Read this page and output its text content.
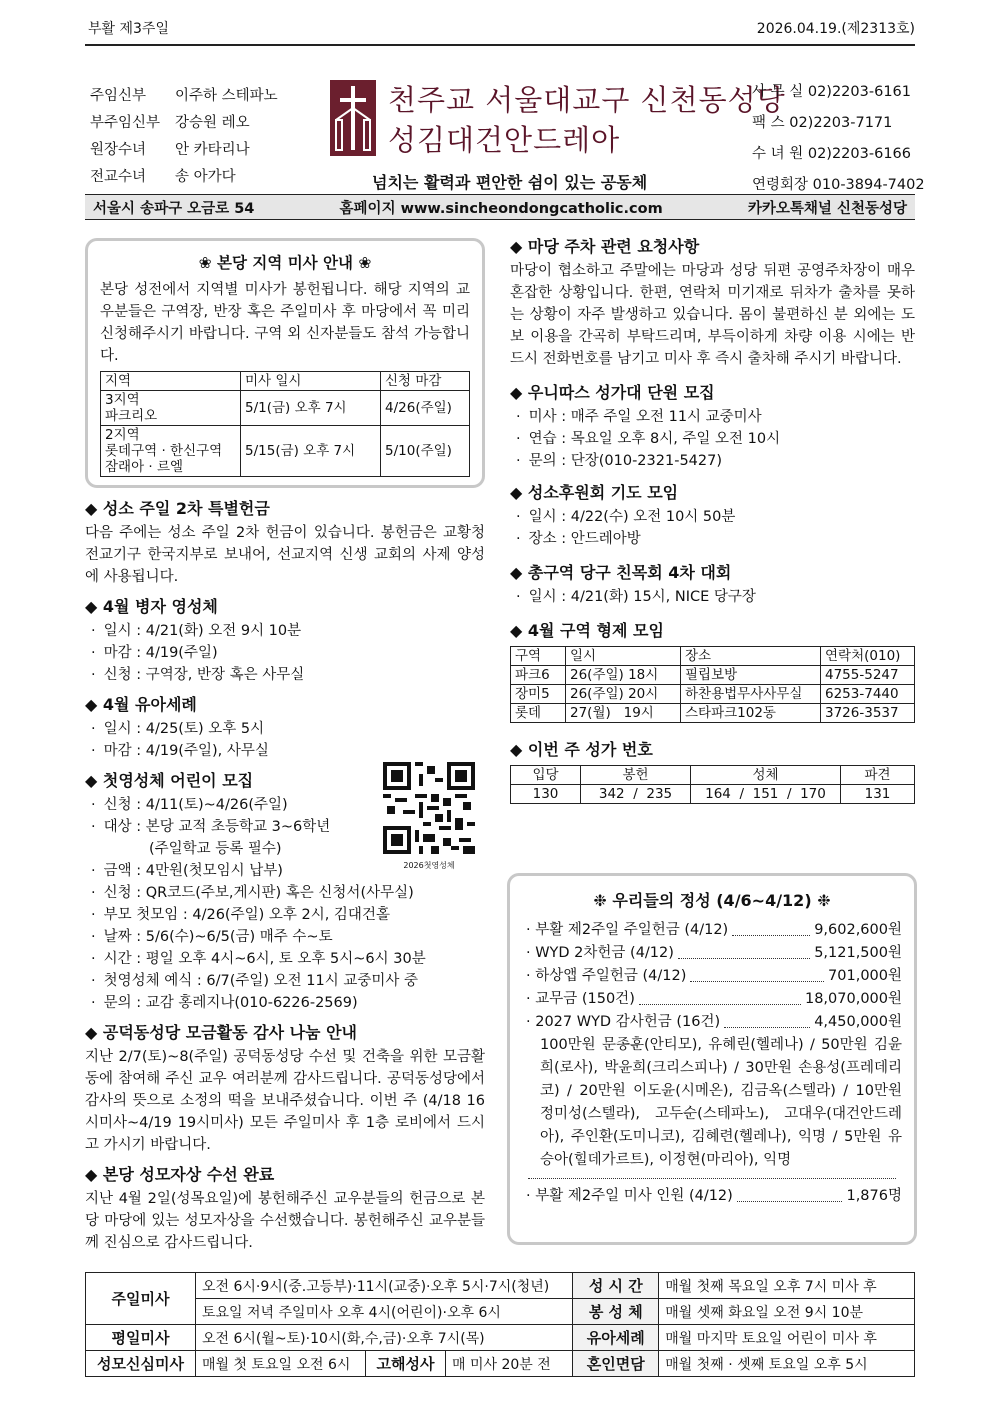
부활 제3주일	2026.04.19.(제2313호)
주임신부	이주하 스테파노
부주임신부	강승원 레오
원장수녀	안 카타리나
전교수녀	송 아가다
천주교 서울대교구 신천동성당
성김대건안드레아
넘치는 활력과 편안한 쉼이 있는 공동체
사 무 실 02)2203-6161
팩 스 02)2203-7171
수 녀 원 02)2203-6166
연령회장 010-3894-7402
서울시 송파구 오금로 54	홈페이지 www.sincheondongcatholic.com	카카오톡채널 신천동성당
❀ 본당 지역 미사 안내 ❀
본당 성전에서 지역별 미사가 봉헌됩니다. 해당 지역의 교우분들은 구역장, 반장 혹은 주일미사 후 마당에서 꼭 미리 신청해주시기 바랍니다. 구역 외 신자분들도 참석 가능합니다.
지역	미사 일시	신청 마감
3지역
파크리오	5/1(금) 오후 7시	4/26(주일)
2지역
롯데구역 · 한신구역
잠래아 · 르엘	5/15(금) 오후 7시	5/10(주일)
◆ 성소 주일 2차 특별헌금
다음 주에는 성소 주일 2차 헌금이 있습니다. 봉헌금은 교황청 전교기구 한국지부로 보내어, 선교지역 신생 교회의 사제 양성에 사용됩니다.
◆ 4월 병자 영성체
· 일시 : 4/21(화) 오전 9시 10분
· 마감 : 4/19(주일)
· 신청 : 구역장, 반장 혹은 사무실
◆ 4월 유아세례
· 일시 : 4/25(토) 오후 5시
· 마감 : 4/19(주일), 사무실
◆ 첫영성체 어린이 모집
· 신청 : 4/11(토)~4/26(주일)
· 대상 : 본당 교적 초등학교 3~6학년
(주일학교 등록 필수)
· 금액 : 4만원(첫모임시 납부)
· 신청 : QR코드(주보,게시판) 혹은 신청서(사무실)
· 부모 첫모임 : 4/26(주일) 오후 2시, 김대건홀
· 날짜 : 5/6(수)~6/5(금) 매주 수~토
· 시간 : 평일 오후 4시~6시, 토 오후 5시~6시 30분
· 첫영성체 예식 : 6/7(주일) 오전 11시 교중미사 중
· 문의 : 교감 홍레지나(010-6226-2569)
◆ 공덕동성당 모금활동 감사 나눔 안내
지난 2/7(토)~8(주일) 공덕동성당 수선 및 건축을 위한 모금활동에 참여해 주신 교우 여러분께 감사드립니다. 공덕동성당에서 감사의 뜻으로 소정의 떡을 보내주셨습니다. 이번 주 (4/18 16시미사~4/19 19시미사) 모든 주일미사 후 1층 로비에서 드시고 가시기 바랍니다.
◆ 본당 성모자상 수선 완료
지난 4월 2일(성목요일)에 봉헌해주신 교우분들의 헌금으로 본당 마당에 있는 성모자상을 수선했습니다. 봉헌해주신 교우분들께 진심으로 감사드립니다.
2026첫영성체
◆ 마당 주차 관련 요청사항
마당이 협소하고 주말에는 마당과 성당 뒤편 공영주차장이 매우 혼잡한 상황입니다. 한편, 연락처 미기재로 뒤차가 출차를 못하는 상황이 자주 발생하고 있습니다. 몸이 불편하신 분 외에는 도보 이용을 간곡히 부탁드리며, 부득이하게 차량 이용 시에는 반드시 전화번호를 남기고 미사 후 즉시 출차해 주시기 바랍니다.
◆ 우니따스 성가대 단원 모집
· 미사 : 매주 주일 오전 11시 교중미사
· 연습 : 목요일 오후 8시, 주일 오전 10시
· 문의 : 단장(010-2321-5427)
◆ 성소후원회 기도 모임
· 일시 : 4/22(수) 오전 10시 50분
· 장소 : 안드레아방
◆ 총구역 당구 친목회 4차 대회
· 일시 : 4/21(화) 15시, NICE 당구장
◆ 4월 구역 형제 모임
구역	일시	장소	연락처(010)
파크6	26(주일) 18시	필립보방	4755-5247
장미5	26(주일) 20시	하찬용법무사사무실	6253-7440
롯데	27(월)   19시	스타파크102동	3726-3537
◆ 이번 주 성가 번호
입당	봉헌	성체	파견
130	342  /  235	164  /  151  /  170	131
❉ 우리들의 정성 (4/6~4/12) ❉
· 부활 제2주일 주일헌금 (4/12)	9,602,600원
· WYD 2차헌금 (4/12)	5,121,500원
· 하상앱 주일헌금 (4/12)	701,000원
· 교무금 (150건)	18,070,000원
· 2027 WYD 감사헌금 (16건)	4,450,000원
100만원 문종훈(안티모), 유혜린(헬레나) / 50만원 김윤희(로사), 박윤희(크리스피나) / 30만원 손용성(프레데리코) / 20만원 이도윤(시메온), 김금옥(스텔라) / 10만원 정미성(스텔라), 고두순(스테파노), 고대우(대건안드레아), 주인환(도미니코), 김혜련(헬레나), 익명 / 5만원 유승아(힐데가르트), 이정현(마리아), 익명
· 부활 제2주일 미사 인원 (4/12)	1,876명
주일미사	오전 6시·9시(중.고등부)·11시(교중)·오후 5시·7시(청년)			성 시 간	매월 첫째 목요일 오후 7시 미사 후
	토요일 저녁 주일미사 오후 4시(어린이)·오후 6시			봉 성 체	매월 셋째 화요일 오전 9시 10분
평일미사	오전 6시(월~토)·10시(화,수,금)·오후 7시(목)			유아세례	매월 마지막 토요일 어린이 미사 후
성모신심미사	매월 첫 토요일 오전 6시	고해성사	매 미사 20분 전	혼인면담	매월 첫째 · 셋째 토요일 오후 5시
